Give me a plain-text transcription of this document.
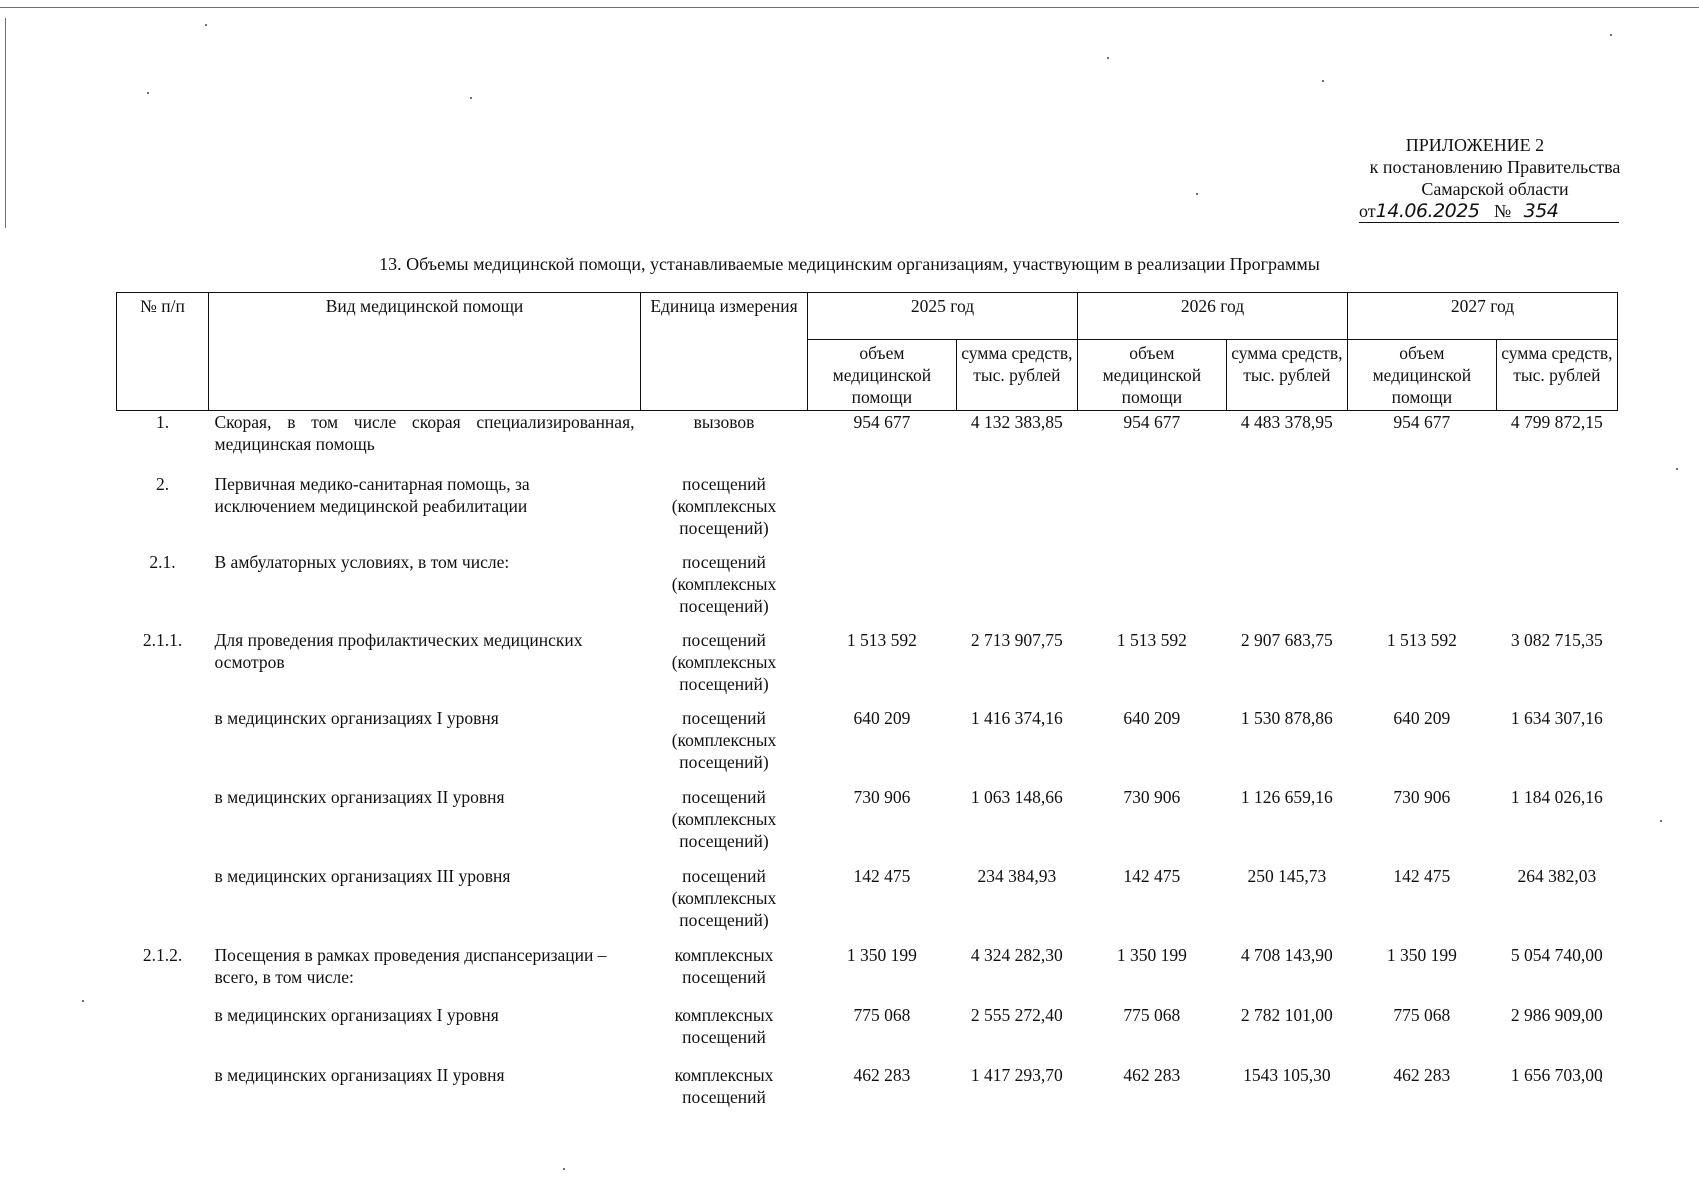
ПРИЛОЖЕНИЕ 2
к постановлению Правительства
Самарской области
от14.06.2025 № 354
13. Объемы медицинской помощи, устанавливаемые медицинским организациям, участвующим в реализации Программы
№ п/п	Вид медицинской помощи	Единица измерения	2025 год		2026 год		2027 год	
			объем медицинской помощи	сумма средств, тыс. рублей	объем медицинской помощи	сумма средств, тыс. рублей	объем медицинской помощи	сумма средств, тыс. рублей
1.	Скорая, в том числе скорая специализированная, медицинская помощь	вызовов	954 677	4 132 383,85	954 677	4 483 378,95	954 677	4 799 872,15
2.	Первичная медико-санитарная помощь, за исключением медицинской реабилитации	посещений (комплексных посещений)						
2.1.	В амбулаторных условиях, в том числе:	посещений (комплексных посещений)						
2.1.1.	Для проведения профилактических медицинских осмотров	посещений (комплексных посещений)	1 513 592	2 713 907,75	1 513 592	2 907 683,75	1 513 592	3 082 715,35
	в медицинских организациях I уровня	посещений (комплексных посещений)	640 209	1 416 374,16	640 209	1 530 878,86	640 209	1 634 307,16
	в медицинских организациях II уровня	посещений (комплексных посещений)	730 906	1 063 148,66	730 906	1 126 659,16	730 906	1 184 026,16
	в медицинских организациях III уровня	посещений (комплексных посещений)	142 475	234 384,93	142 475	250 145,73	142 475	264 382,03
2.1.2.	Посещения в рамках проведения диспансеризации – всего, в том числе:	комплексных посещений	1 350 199	4 324 282,30	1 350 199	4 708 143,90	1 350 199	5 054 740,00
	в медицинских организациях I уровня	комплексных посещений	775 068	2 555 272,40	775 068	2 782 101,00	775 068	2 986 909,00
	в медицинских организациях II уровня	комплексных посещений	462 283	1 417 293,70	462 283	1543 105,30	462 283	1 656 703,00
